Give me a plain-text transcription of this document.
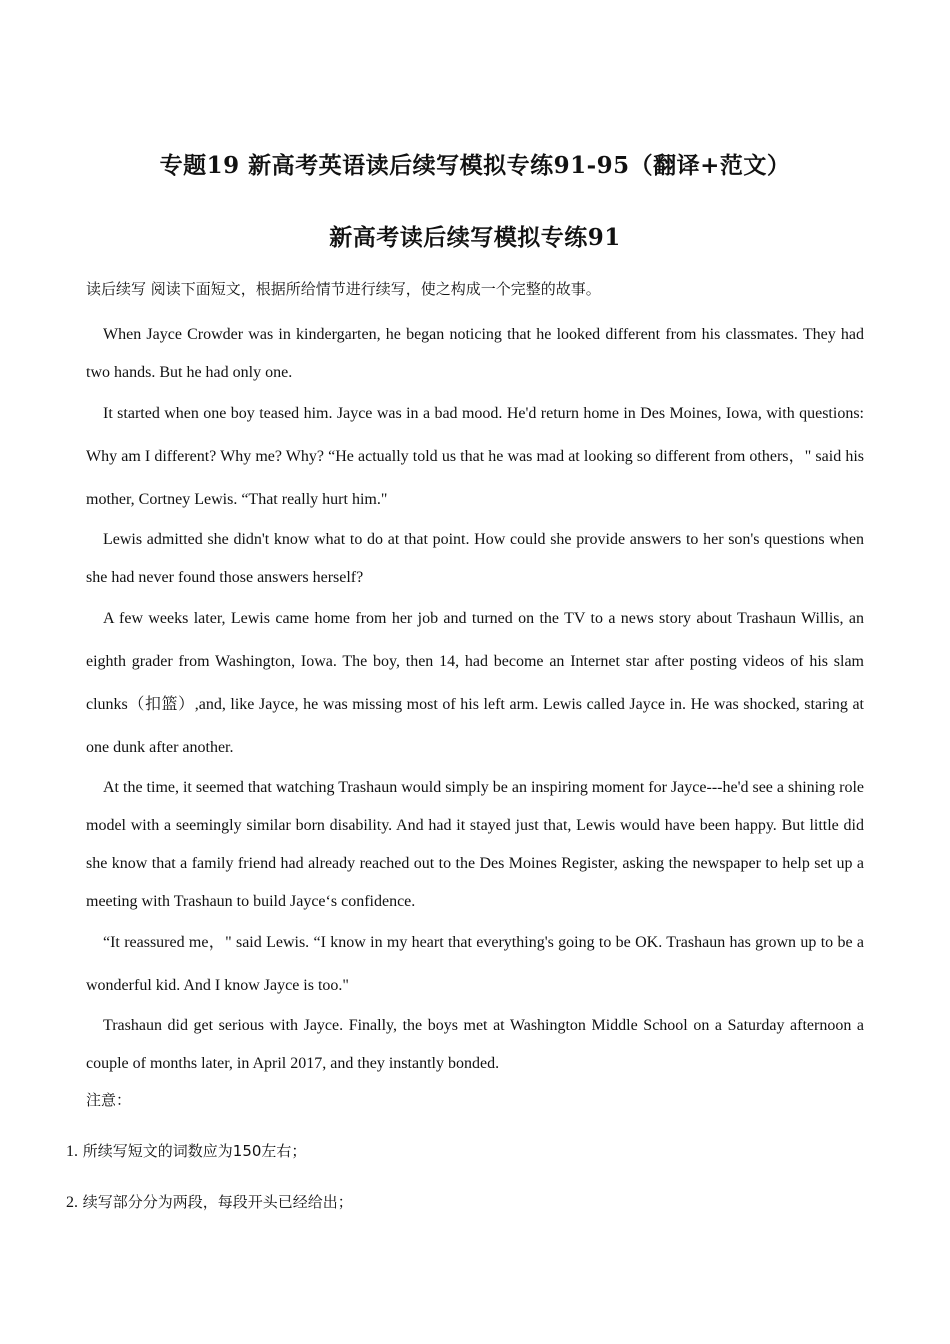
专题19 新高考英语读后续写模拟专练91-95（翻译+范文）
新高考读后续写模拟专练91
读后续写 阅读下面短文，根据所给情节进行续写，使之构成一个完整的故事。

When Jayce Crowder was in kindergarten, he began noticing that he looked different from his classmates. They had two hands. But he had only one.

It started when one boy teased him. Jayce was in a bad mood. He'd return home in Des Moines, Iowa, with questions: Why am I different? Why me? Why? “He actually told us that he was mad at looking so different from others，" said his mother, Cortney Lewis. “That really hurt him."

Lewis admitted she didn't know what to do at that point. How could she provide answers to her son's questions when she had never found those answers herself?

A few weeks later, Lewis came home from her job and turned on the TV to a news story about Trashaun Willis, an eighth grader from Washington, Iowa. The boy, then 14, had become an Internet star after posting videos of his slam clunks（扣篮）,and, like Jayce, he was missing most of his left arm. Lewis called Jayce in. He was shocked, staring at one dunk after another.

At the time, it seemed that watching Trashaun would simply be an inspiring moment for Jayce---he'd see a shining role model with a seemingly similar born disability. And had it stayed just that, Lewis would have been happy. But little did she know that a family friend had already reached out to the Des Moines Register, asking the newspaper to help set up a meeting with Trashaun to build Jayce‘s confidence.

“It reassured me，" said Lewis. “I know in my heart that everything's going to be OK. Trashaun has grown up to be a wonderful kid. And I know Jayce is too."

Trashaun did get serious with Jayce. Finally, the boys met at Washington Middle School on a Saturday afternoon a couple of months later, in April 2017, and they instantly bonded.

注意：
1. 所续写短文的词数应为150左右；
2. 续写部分分为两段，每段开头已经给出；
